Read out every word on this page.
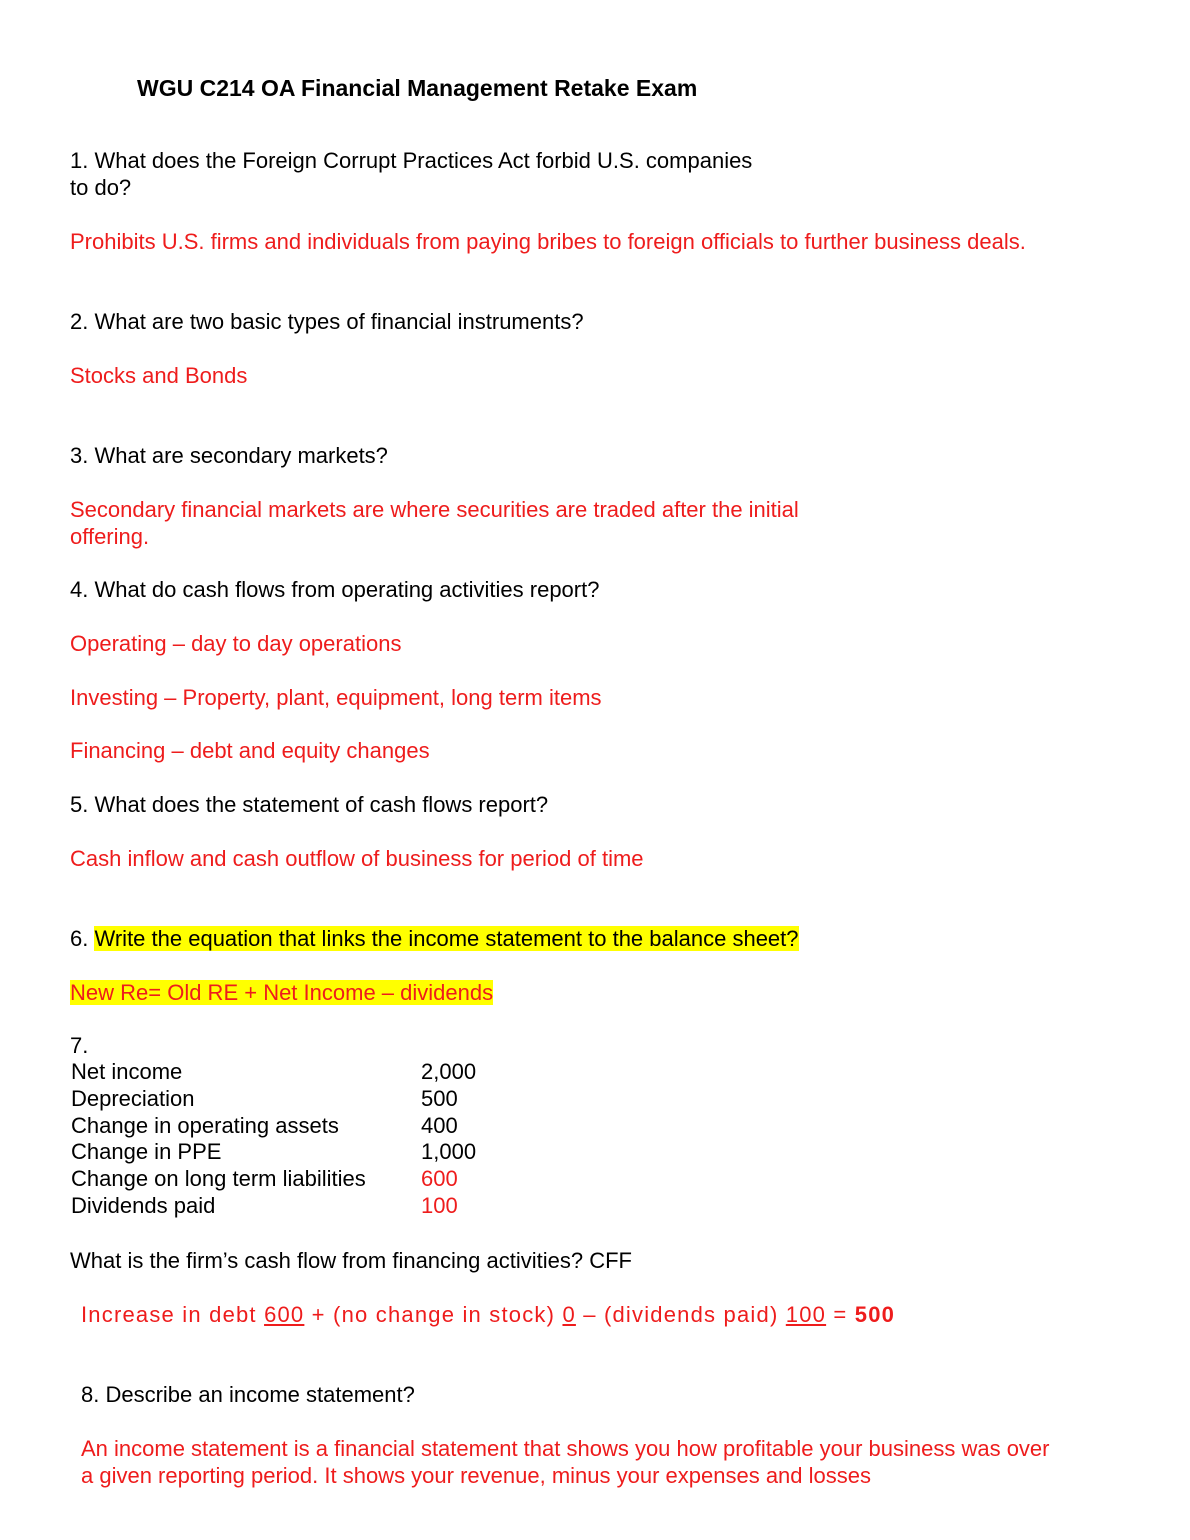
WGU C214 OA Financial Management Retake Exam
1. What does the Foreign Corrupt Practices Act forbid U.S. companies
to do?
Prohibits U.S. firms and individuals from paying bribes to foreign officials to further business deals.
2. What are two basic types of financial instruments?
Stocks and Bonds
3. What are secondary markets?
Secondary financial markets are where securities are traded after the initial
offering.
4. What do cash flows from operating activities report?
Operating – day to day operations
Investing – Property, plant, equipment, long term items
Financing – debt and equity changes
5. What does the statement of cash flows report?
Cash inflow and cash outflow of business for period of time
6. Write the equation that links the income statement to the balance sheet?
New Re= Old RE + Net Income – dividends
7.
Net income	2,000
Depreciation	500
Change in operating assets	400
Change in PPE	1,000
Change on long term liabilities	600
Dividends paid	100
What is the firm’s cash flow from financing activities? CFF
Increase in debt 600 + (no change in stock) 0 – (dividends paid) 100 = 500
8. Describe an income statement?
An income statement is a financial statement that shows you how profitable your business was over
a given reporting period. It shows your revenue, minus your expenses and losses
